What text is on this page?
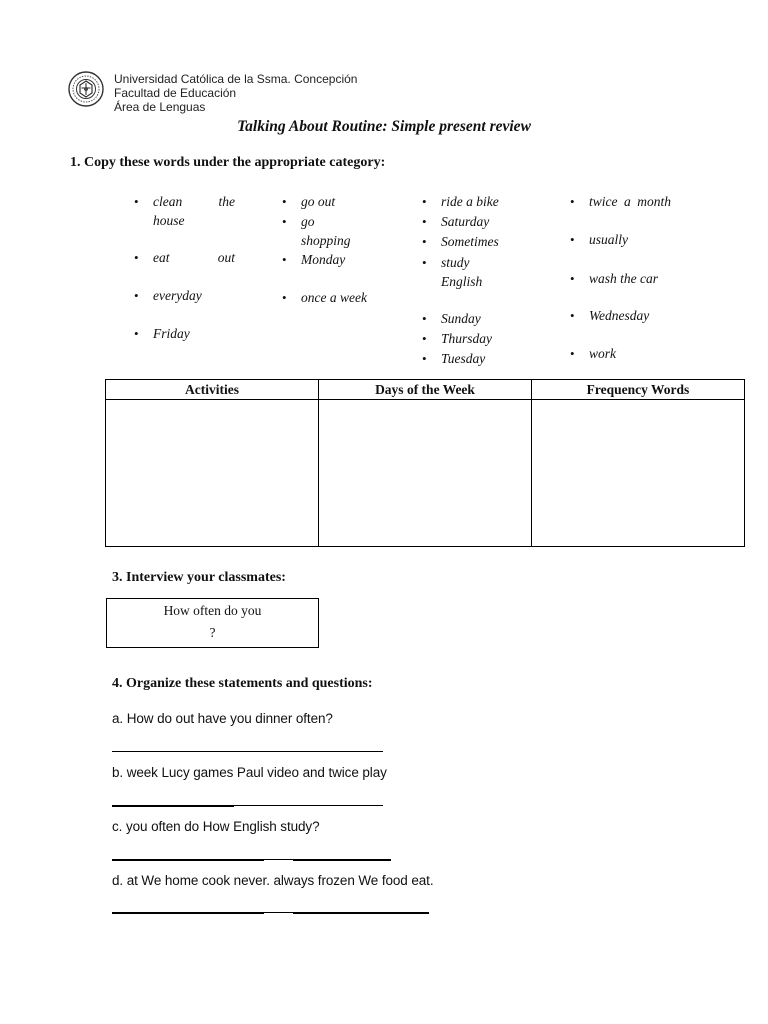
Universidad Católica de la Ssma. Concepción
Facultad de Educación
Área de Lenguas
Talking About Routine: Simple present review
1. Copy these words under the appropriate category:
• clean the house
• eat out
• everyday
• Friday
• go out
• go shopping
• Monday
• once a week
• ride a bike
• Saturday
• Sometimes
• study English
• Sunday
• Thursday
• Tuesday
• twice a month
• usually
• wash the car
• Wednesday
• work
Activities	Days of the Week	Frequency Words

3. Interview your classmates:
How often do you
?
4. Organize these statements and questions:
a. How do out have you dinner often?
b. week Lucy games Paul video and twice play
c. you often do How English study?
d. at We home cook never. always frozen We food eat.
